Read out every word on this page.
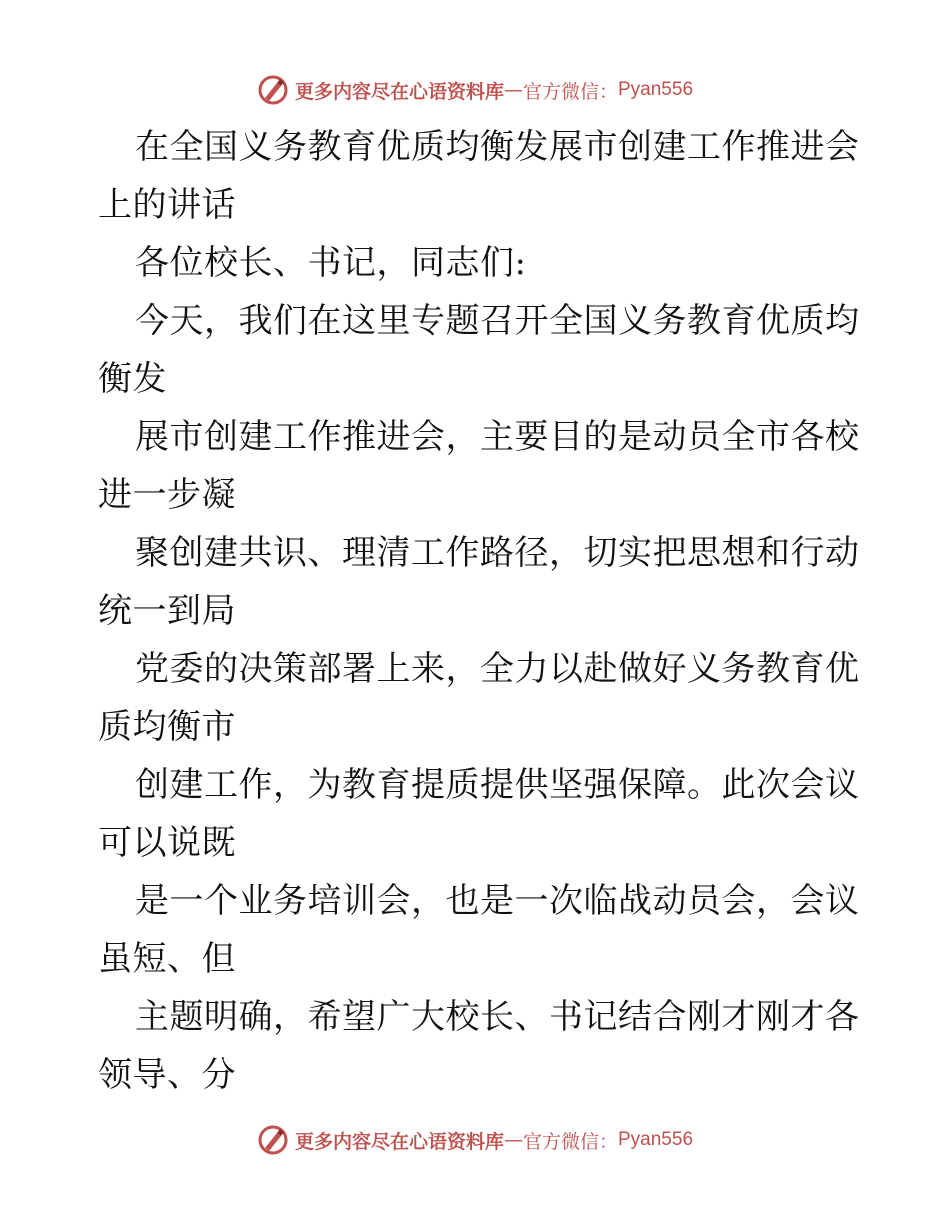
更多内容尽在心语资料库 — 官方微信： Pyan556
在全国义务教育优质均衡发展市创建工作推进会
上的讲话
各位校长、书记，同志们:
今天，我们在这里专题召开全国义务教育优质均
衡发
展市创建工作推进会，主要目的是动员全市各校
进一步凝
聚创建共识、理清工作路径，切实把思想和行动
统一到局
党委的决策部署上来，全力以赴做好义务教育优
质均衡市
创建工作，为教育提质提供坚强保障。此次会议
可以说既
是一个业务培训会，也是一次临战动员会，会议
虽短、但
主题明确，希望广大校长、书记结合刚才刚才各
领导、分
更多内容尽在心语资料库 — 官方微信： Pyan556
